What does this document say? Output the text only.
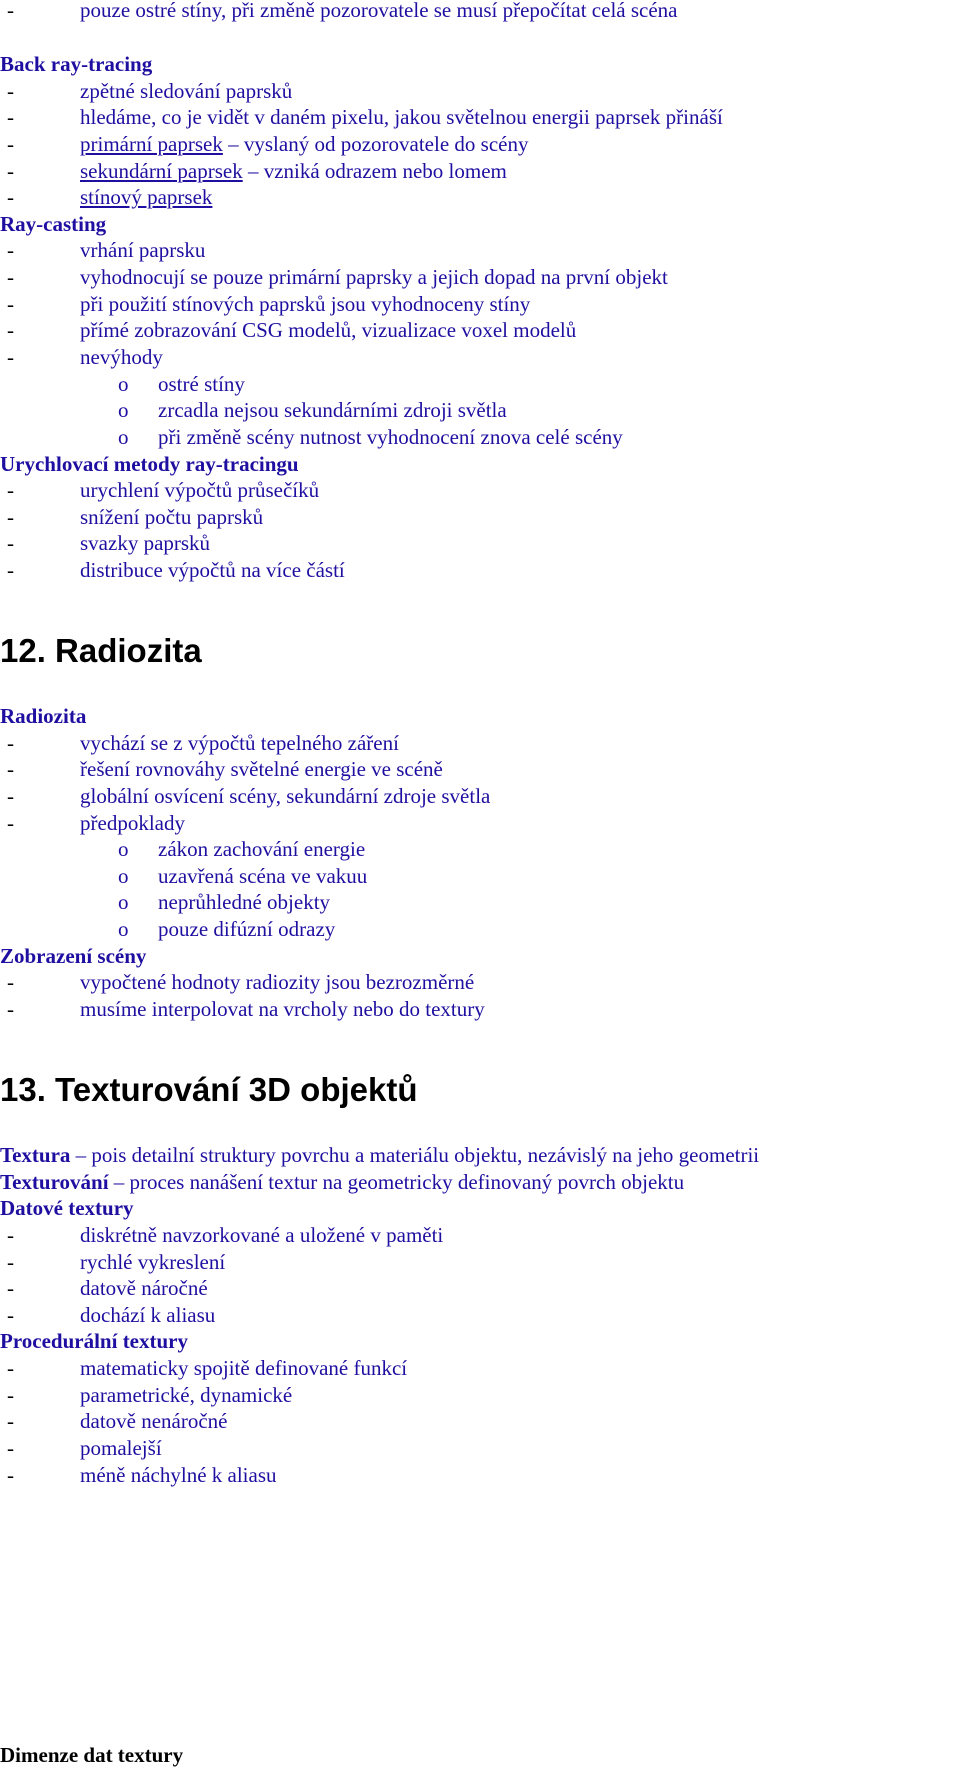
-	pouze ostré stíny, při změně pozorovatele se musí přepočítat celá scéna
Back ray-tracing
-	zpětné sledování paprsků
-	hledáme, co je vidět v daném pixelu, jakou světelnou energii paprsek přináší
-	primární paprsek – vyslaný od pozorovatele do scény
-	sekundární paprsek – vzniká odrazem nebo lomem
-	stínový paprsek
Ray-casting
-	vrhání paprsku
-	vyhodnocují se pouze primární paprsky a jejich dopad na první objekt
-	při použití stínových paprsků jsou vyhodnoceny stíny
-	přímé zobrazování CSG modelů, vizualizace voxel modelů
-	nevýhody
o ostré stíny
o zrcadla nejsou sekundárními zdroji světla
o při změně scény nutnost vyhodnocení znova celé scény
Urychlovací metody ray-tracingu
-	urychlení výpočtů průsečíků
-	snížení počtu paprsků
-	svazky paprsků
-	distribuce výpočtů na více částí
12. Radiozita
Radiozita
-	vychází se z výpočtů tepelného záření
-	řešení rovnováhy světelné energie ve scéně
-	globální osvícení scény, sekundární zdroje světla
-	předpoklady
o zákon zachování energie
o uzavřená scéna ve vakuu
o neprůhledné objekty
o pouze difúzní odrazy
Zobrazení scény
-	vypočtené hodnoty radiozity jsou bezrozměrné
-	musíme interpolovat na vrcholy nebo do textury
13. Texturování 3D objektů
Textura – pois detailní struktury povrchu a materiálu objektu, nezávislý na jeho geometrii
Texturování – proces nanášení textur na geometricky definovaný povrch objektu
Datové textury
-	diskrétně navzorkované a uložené v paměti
-	rychlé vykreslení
-	datově náročné
-	dochází k aliasu
Procedurální textury
-	matematicky spojitě definované funkcí
-	parametrické, dynamické
-	datově nenáročné
-	pomalejší
-	méně náchylné k aliasu
Dimenze dat textury
